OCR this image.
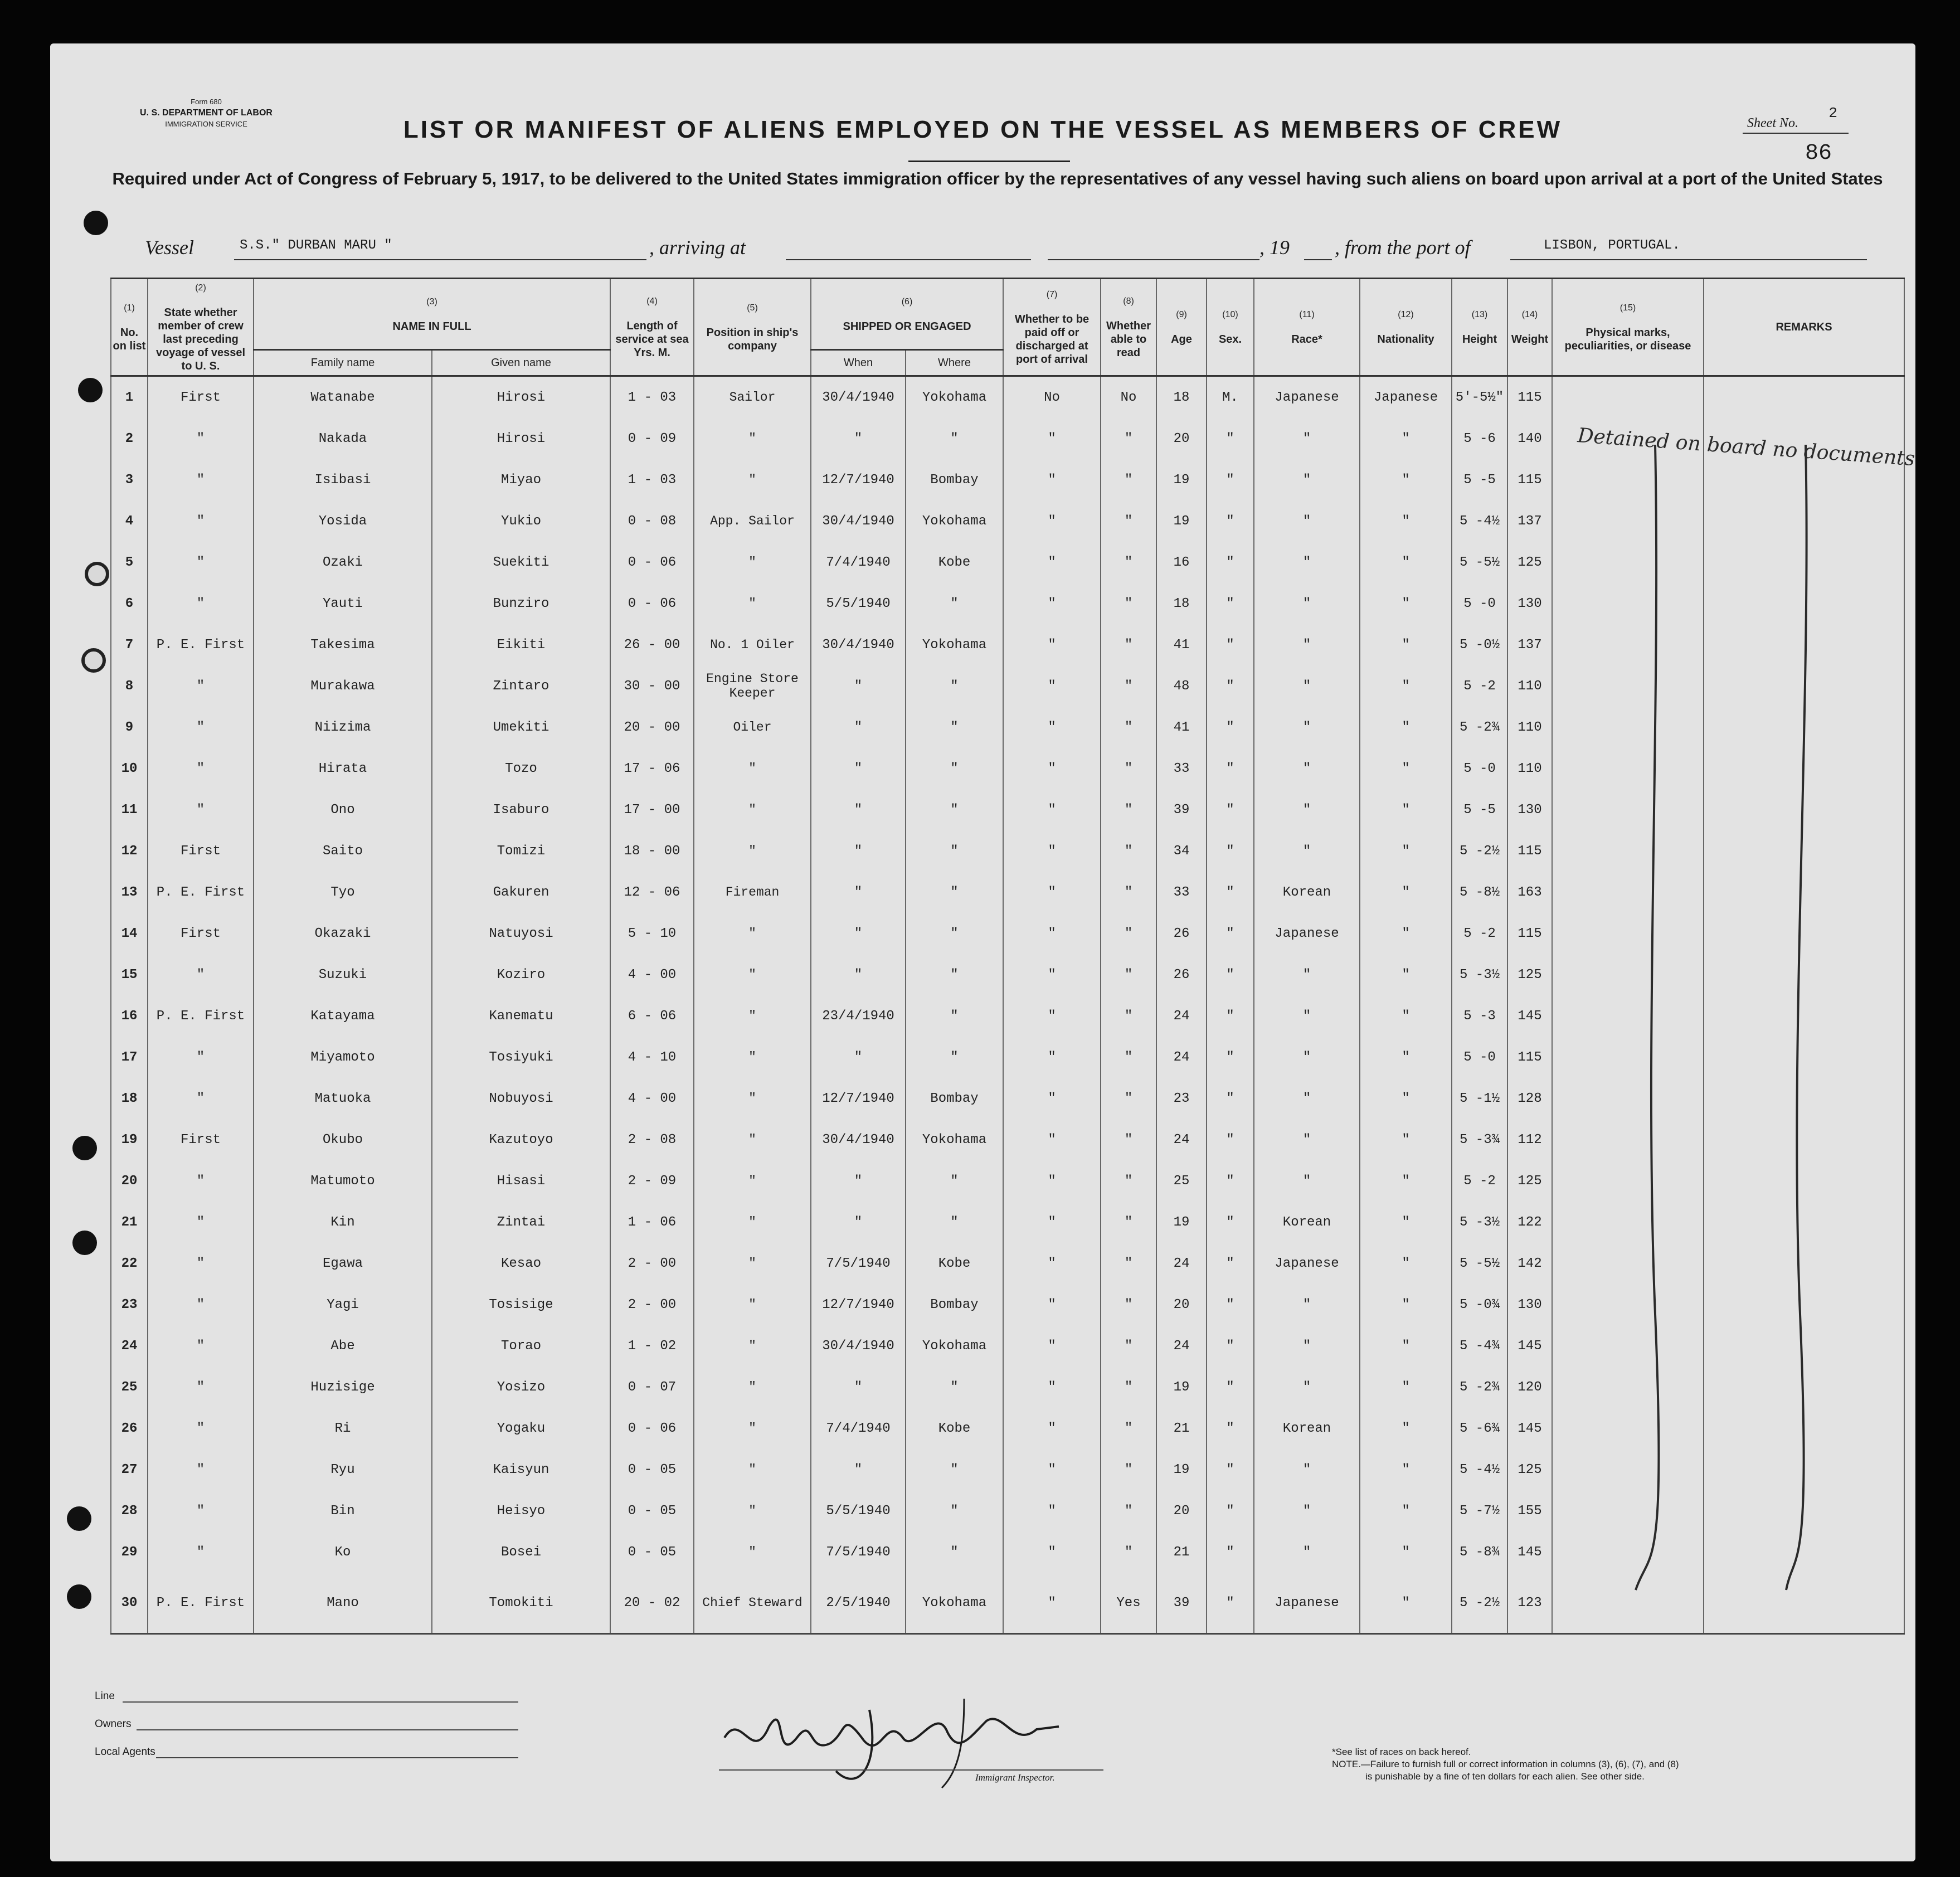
Form 680
U. S. DEPARTMENT OF LABOR
IMMIGRATION SERVICE	Sheet No.
2
86
LIST OR MANIFEST OF ALIENS EMPLOYED ON THE VESSEL AS MEMBERS OF CREW
Required under Act of Congress of February 5, 1917, to be delivered to the United States immigration officer by the representatives of any vessel having such aliens on board upon arrival at a port of the United States
Vessel	S.S." DURBAN MARU "	, arriving at	, 19 , from the port of	LISBON, PORTUGAL.
(1)
No. on list	(2)
State whether member of crew last preceding voyage of vessel to U. S.	(3)
NAME IN FULL		(4)
Length of service at sea
Yrs. M.	(5)
Position in ship's company	(6)
SHIPPED OR ENGAGED		(7)
Whether to be paid off or discharged at port of arrival	(8)
Whether able to read	(9)
Age	(10)
Sex.	(11)
Race*	(12)
Nationality	(13)
Height	(14)
Weight	(15)
Physical marks, peculiarities, or disease	REMARKS
		Family name	Given name			When	Where										
1	First	Watanabe	Hirosi	1 - 03	Sailor	30/4/1940	Yokohama	No	No	18	M.	Japanese	Japanese	5'-5½"	115		
2	"	Nakada	Hirosi	0 - 09	"	"	"	"	"	20	"	"	"	5 -6	140		
3	"	Isibasi	Miyao	1 - 03	"	12/7/1940	Bombay	"	"	19	"	"	"	5 -5	115		
4	"	Yosida	Yukio	0 - 08	App. Sailor	30/4/1940	Yokohama	"	"	19	"	"	"	5 -4½	137		
5	"	Ozaki	Suekiti	0 - 06	"	7/4/1940	Kobe	"	"	16	"	"	"	5 -5½	125		
6	"	Yauti	Bunziro	0 - 06	"	5/5/1940	"	"	"	18	"	"	"	5 -0	130		
7	P. E. First	Takesima	Eikiti	26 - 00	No. 1 Oiler	30/4/1940	Yokohama	"	"	41	"	"	"	5 -0½	137		
8	"	Murakawa	Zintaro	30 - 00	Engine Store Keeper	"	"	"	"	48	"	"	"	5 -2	110		
9	"	Niizima	Umekiti	20 - 00	Oiler	"	"	"	"	41	"	"	"	5 -2¾	110		
10	"	Hirata	Tozo	17 - 06	"	"	"	"	"	33	"	"	"	5 -0	110		
11	"	Ono	Isaburo	17 - 00	"	"	"	"	"	39	"	"	"	5 -5	130		
12	First	Saito	Tomizi	18 - 00	"	"	"	"	"	34	"	"	"	5 -2½	115		
13	P. E. First	Tyo	Gakuren	12 - 06	Fireman	"	"	"	"	33	"	Korean	"	5 -8½	163		
14	First	Okazaki	Natuyosi	5 - 10	"	"	"	"	"	26	"	Japanese	"	5 -2	115		
15	"	Suzuki	Koziro	4 - 00	"	"	"	"	"	26	"	"	"	5 -3½	125		
16	P. E. First	Katayama	Kanematu	6 - 06	"	23/4/1940	"	"	"	24	"	"	"	5 -3	145		
17	"	Miyamoto	Tosiyuki	4 - 10	"	"	"	"	"	24	"	"	"	5 -0	115		
18	"	Matuoka	Nobuyosi	4 - 00	"	12/7/1940	Bombay	"	"	23	"	"	"	5 -1½	128		
19	First	Okubo	Kazutoyo	2 - 08	"	30/4/1940	Yokohama	"	"	24	"	"	"	5 -3¾	112		
20	"	Matumoto	Hisasi	2 - 09	"	"	"	"	"	25	"	"	"	5 -2	125		
21	"	Kin	Zintai	1 - 06	"	"	"	"	"	19	"	Korean	"	5 -3½	122		
22	"	Egawa	Kesao	2 - 00	"	7/5/1940	Kobe	"	"	24	"	Japanese	"	5 -5½	142		
23	"	Yagi	Tosisige	2 - 00	"	12/7/1940	Bombay	"	"	20	"	"	"	5 -0¾	130		
24	"	Abe	Torao	1 - 02	"	30/4/1940	Yokohama	"	"	24	"	"	"	5 -4¾	145		
25	"	Huzisige	Yosizo	0 - 07	"	"	"	"	"	19	"	"	"	5 -2¾	120		
26	"	Ri	Yogaku	0 - 06	"	7/4/1940	Kobe	"	"	21	"	Korean	"	5 -6¾	145		
27	"	Ryu	Kaisyun	0 - 05	"	"	"	"	"	19	"	"	"	5 -4½	125		
28	"	Bin	Heisyo	0 - 05	"	5/5/1940	"	"	"	20	"	"	"	5 -7½	155		
29	"	Ko	Bosei	0 - 05	"	7/5/1940	"	"	"	21	"	"	"	5 -8¾	145		
30	P. E. First	Mano	Tomokiti	20 - 02	Chief Steward	2/5/1940	Yokohama	"	Yes	39	"	Japanese	"	5 -2½	123		
Detained on board no documents
Line
Owners
Local Agents
Immigrant Inspector.
*See list of races on back hereof.
NOTE.—Failure to furnish full or correct information in columns (3), (6), (7), and (8)
is punishable by a fine of ten dollars for each alien. See other side.
